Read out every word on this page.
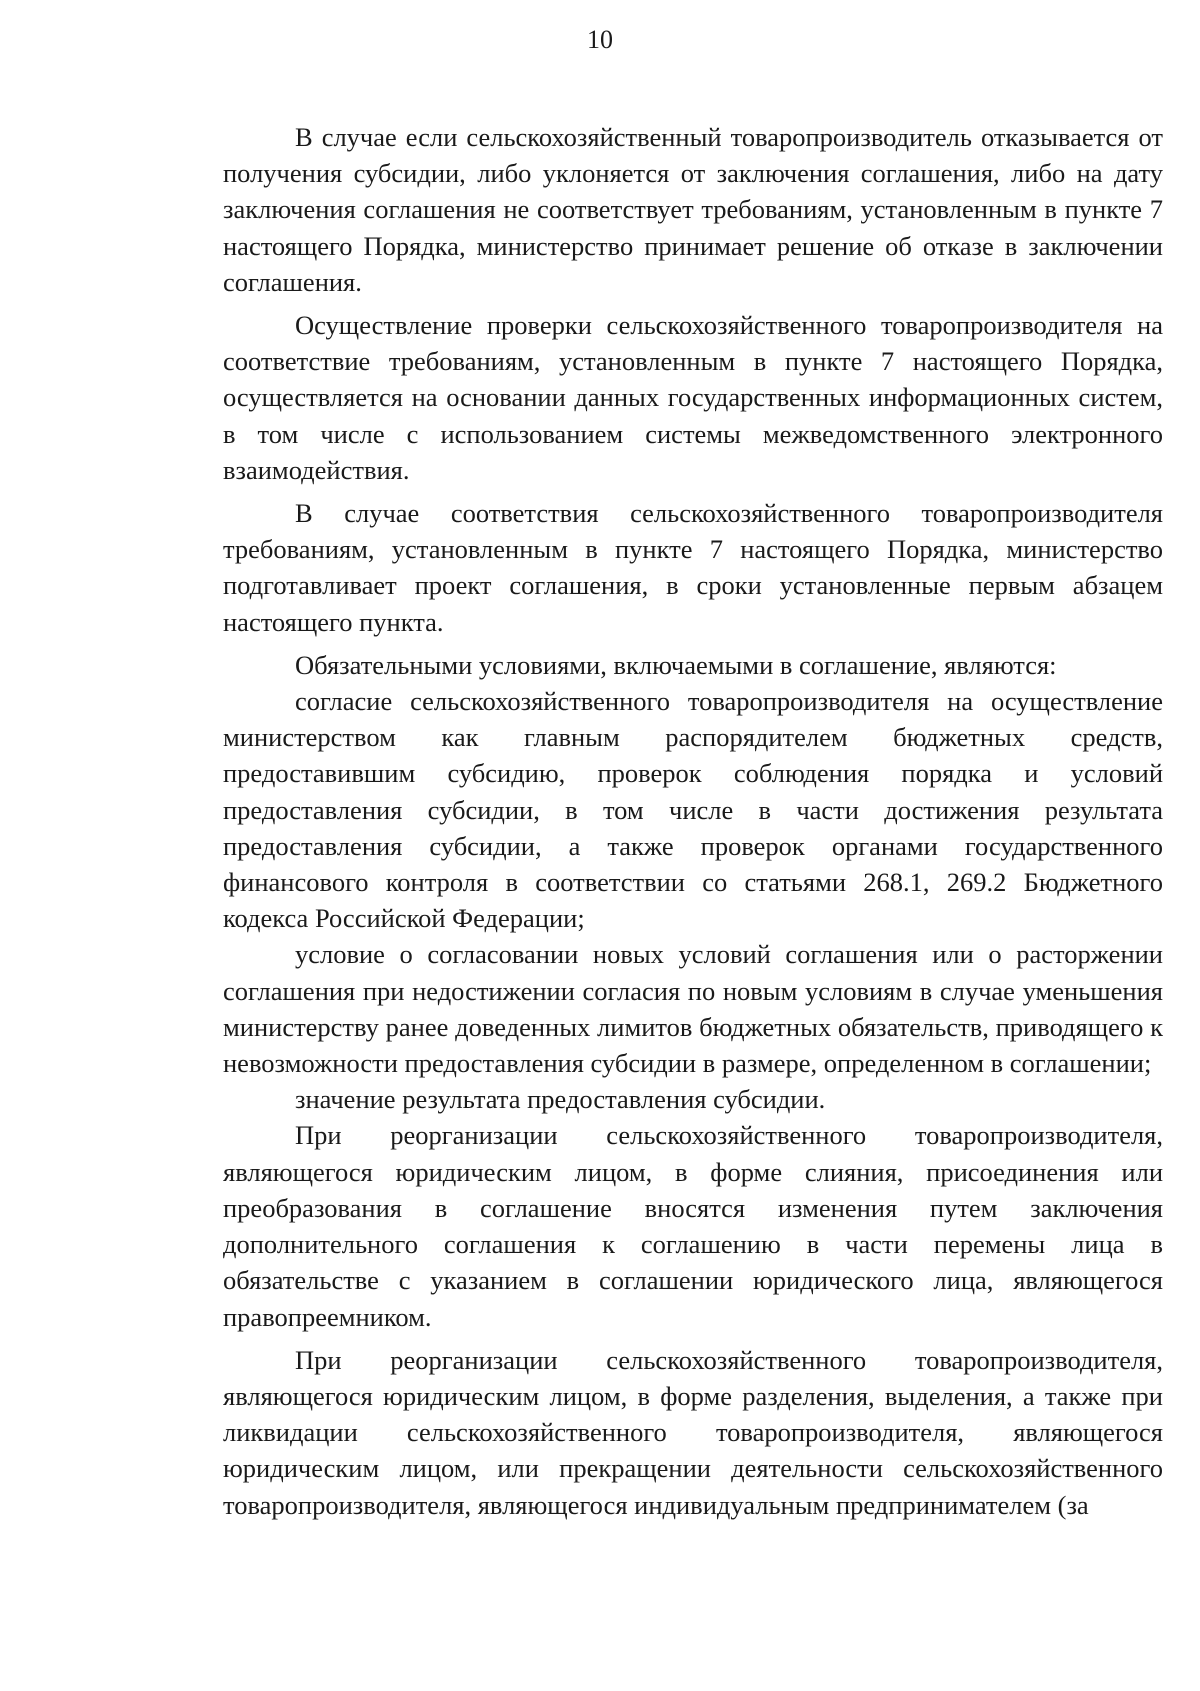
10

В случае если сельскохозяйственный товаропроизводитель отказывается от получения субсидии, либо уклоняется от заключения соглашения, либо на дату заключения соглашения не соответствует требованиям, установленным в пункте 7 настоящего Порядка, министерство принимает решение об отказе в заключении соглашения.

Осуществление проверки сельскохозяйственного товаропроизводителя на соответствие требованиям, установленным в пункте 7 настоящего Порядка, осуществляется на основании данных государственных информационных систем, в том числе с использованием системы межведомственного электронного взаимодействия.

В случае соответствия сельскохозяйственного товаропроизводителя требованиям, установленным в пункте 7 настоящего Порядка, министерство подготавливает проект соглашения, в сроки установленные первым абзацем настоящего пункта.

Обязательными условиями, включаемыми в соглашение, являются:

согласие сельскохозяйственного товаропроизводителя на осуществление министерством как главным распорядителем бюджетных средств, предоставившим субсидию, проверок соблюдения порядка и условий предоставления субсидии, в том числе в части достижения результата предоставления субсидии, а также проверок органами государственного финансового контроля в соответствии со статьями 268.1, 269.2 Бюджетного кодекса Российской Федерации;

условие о согласовании новых условий соглашения или о расторжении соглашения при недостижении согласия по новым условиям в случае уменьшения министерству ранее доведенных лимитов бюджетных обязательств, приводящего к невозможности предоставления субсидии в размере, определенном в соглашении;

значение результата предоставления субсидии.

При реорганизации сельскохозяйственного товаропроизводителя, являющегося юридическим лицом, в форме слияния, присоединения или преобразования в соглашение вносятся изменения путем заключения дополнительного соглашения к соглашению в части перемены лица в обязательстве с указанием в соглашении юридического лица, являющегося правопреемником.

При реорганизации сельскохозяйственного товаропроизводителя, являющегося юридическим лицом, в форме разделения, выделения, а также при ликвидации сельскохозяйственного товаропроизводителя, являющегося юридическим лицом, или прекращении деятельности сельскохозяйственного товаропроизводителя, являющегося индивидуальным предпринимателем (за
